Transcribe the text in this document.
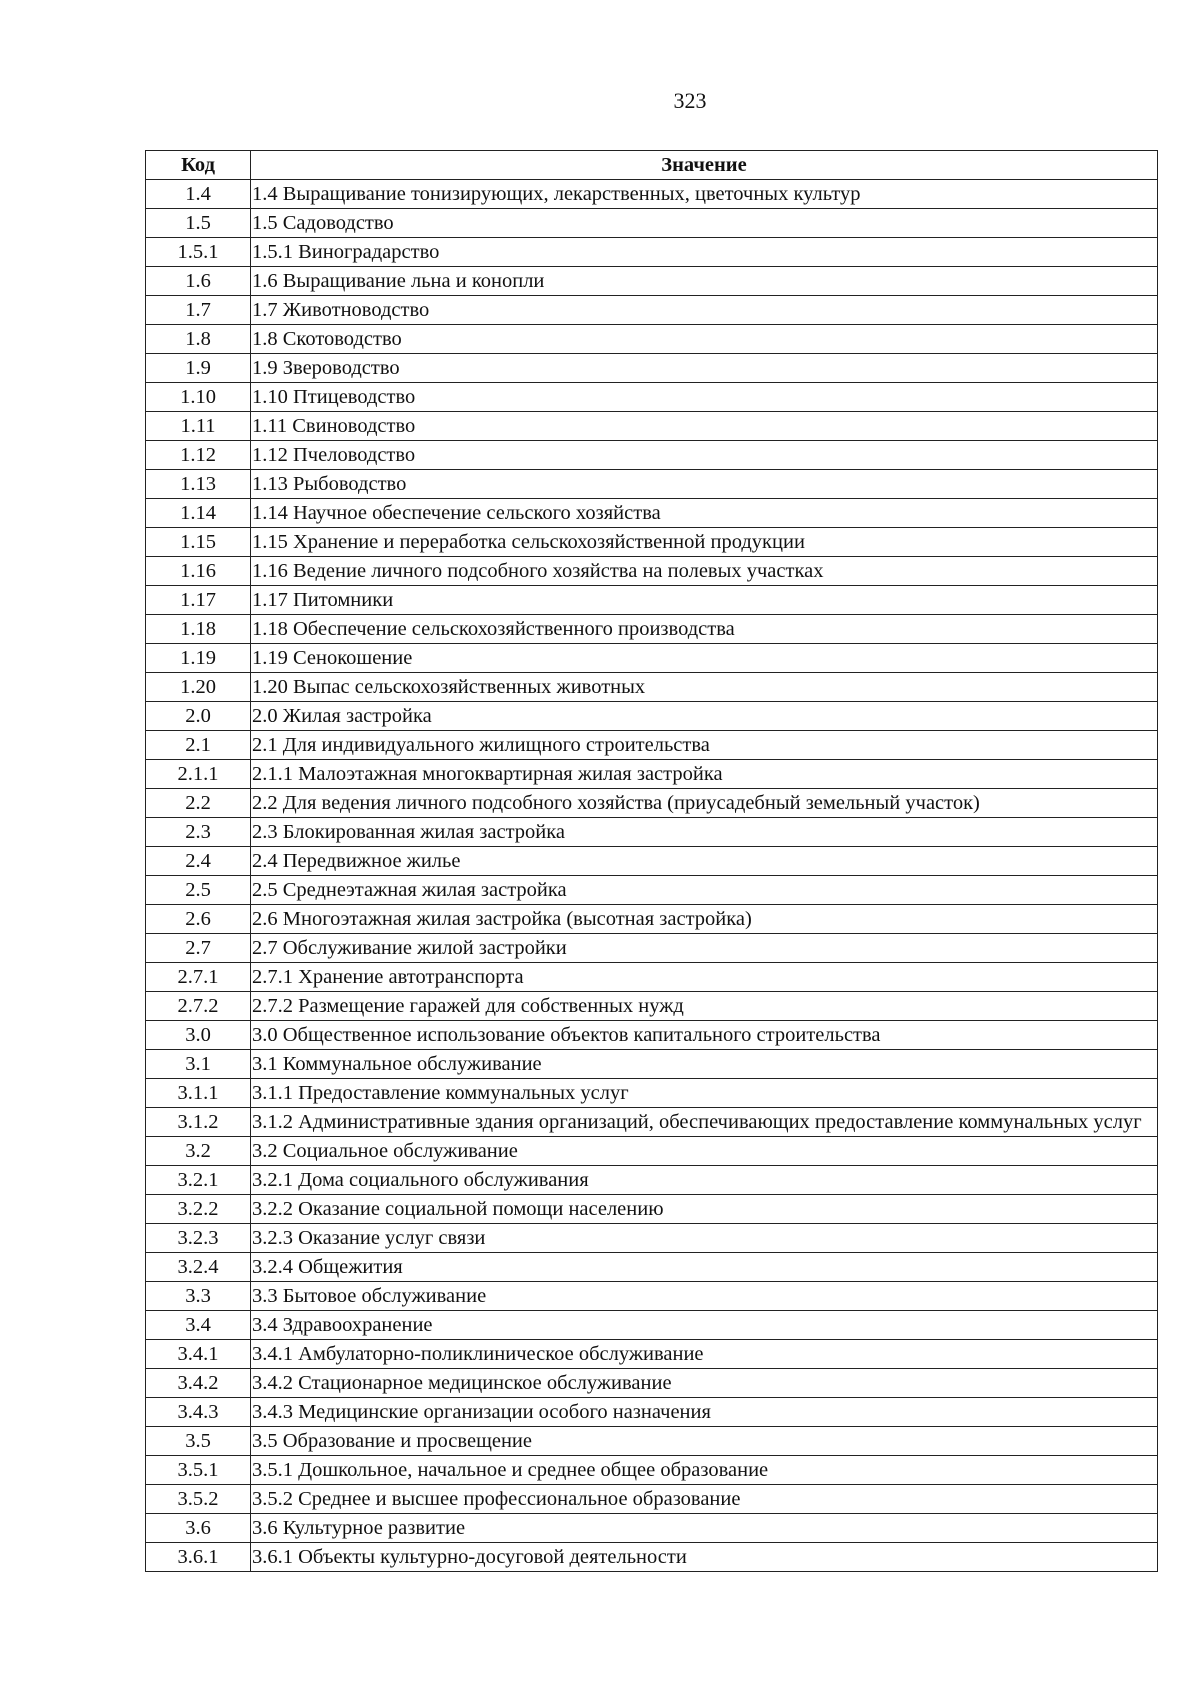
323
Код	Значение
1.4	1.4 Выращивание тонизирующих, лекарственных, цветочных культур
1.5	1.5 Садоводство
1.5.1	1.5.1 Виноградарство
1.6	1.6 Выращивание льна и конопли
1.7	1.7 Животноводство
1.8	1.8 Скотоводство
1.9	1.9 Звероводство
1.10	1.10 Птицеводство
1.11	1.11 Свиноводство
1.12	1.12 Пчеловодство
1.13	1.13 Рыбоводство
1.14	1.14 Научное обеспечение сельского хозяйства
1.15	1.15 Хранение и переработка сельскохозяйственной продукции
1.16	1.16 Ведение личного подсобного хозяйства на полевых участках
1.17	1.17 Питомники
1.18	1.18 Обеспечение сельскохозяйственного производства
1.19	1.19 Сенокошение
1.20	1.20 Выпас сельскохозяйственных животных
2.0	2.0 Жилая застройка
2.1	2.1 Для индивидуального жилищного строительства
2.1.1	2.1.1 Малоэтажная многоквартирная жилая застройка
2.2	2.2 Для ведения личного подсобного хозяйства (приусадебный земельный участок)
2.3	2.3 Блокированная жилая застройка
2.4	2.4 Передвижное жилье
2.5	2.5 Среднеэтажная жилая застройка
2.6	2.6 Многоэтажная жилая застройка (высотная застройка)
2.7	2.7 Обслуживание жилой застройки
2.7.1	2.7.1 Хранение автотранспорта
2.7.2	2.7.2 Размещение гаражей для собственных нужд
3.0	3.0 Общественное использование объектов капитального строительства
3.1	3.1 Коммунальное обслуживание
3.1.1	3.1.1 Предоставление коммунальных услуг
3.1.2	3.1.2 Административные здания организаций, обеспечивающих предоставление коммунальных услуг
3.2	3.2 Социальное обслуживание
3.2.1	3.2.1 Дома социального обслуживания
3.2.2	3.2.2 Оказание социальной помощи населению
3.2.3	3.2.3 Оказание услуг связи
3.2.4	3.2.4 Общежития
3.3	3.3 Бытовое обслуживание
3.4	3.4 Здравоохранение
3.4.1	3.4.1 Амбулаторно-поликлиническое обслуживание
3.4.2	3.4.2 Стационарное медицинское обслуживание
3.4.3	3.4.3 Медицинские организации особого назначения
3.5	3.5 Образование и просвещение
3.5.1	3.5.1 Дошкольное, начальное и среднее общее образование
3.5.2	3.5.2 Среднее и высшее профессиональное образование
3.6	3.6 Культурное развитие
3.6.1	3.6.1 Объекты культурно-досуговой деятельности
